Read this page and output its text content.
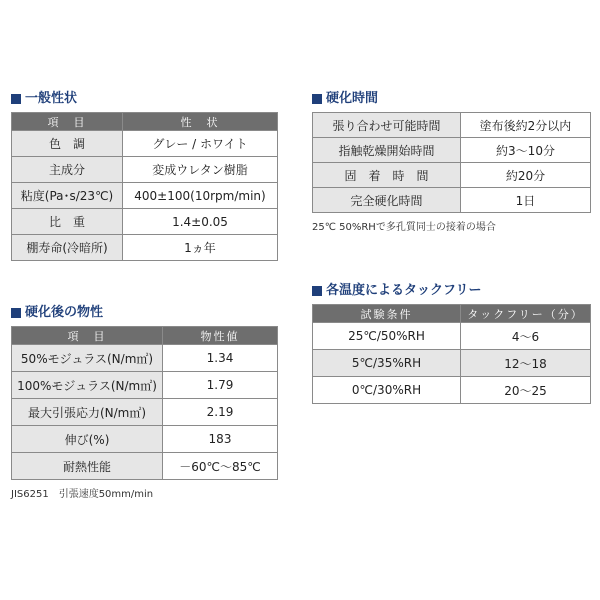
一般性状
項　目	性　状
色　調	グレー / ホワイト
主成分	変成ウレタン樹脂
粘度(Pa･s/23℃)	400±100(10rpm/min)
比　重	1.4±0.05
棚寿命(冷暗所)	1ヵ年
硬化時間
張り合わせ可能時間	塗布後約2分以内
指触乾燥開始時間	約3～10分
固　着　時　間	約20分
完全硬化時間	1日
25℃ 50%RHで多孔質同士の接着の場合
硬化後の物性
項　目	物性値
50%モジュラス(N/m㎡)	1.34
100%モジュラス(N/m㎡)	1.79
最大引張応力(N/m㎡)	2.19
伸び(%)	183
耐熱性能	－60℃～85℃
JIS6251　引張速度50mm/min
各温度によるタックフリー
試験条件	タックフリー（分）
25℃/50%RH	4～6
5℃/35%RH	12～18
0℃/30%RH	20～25
